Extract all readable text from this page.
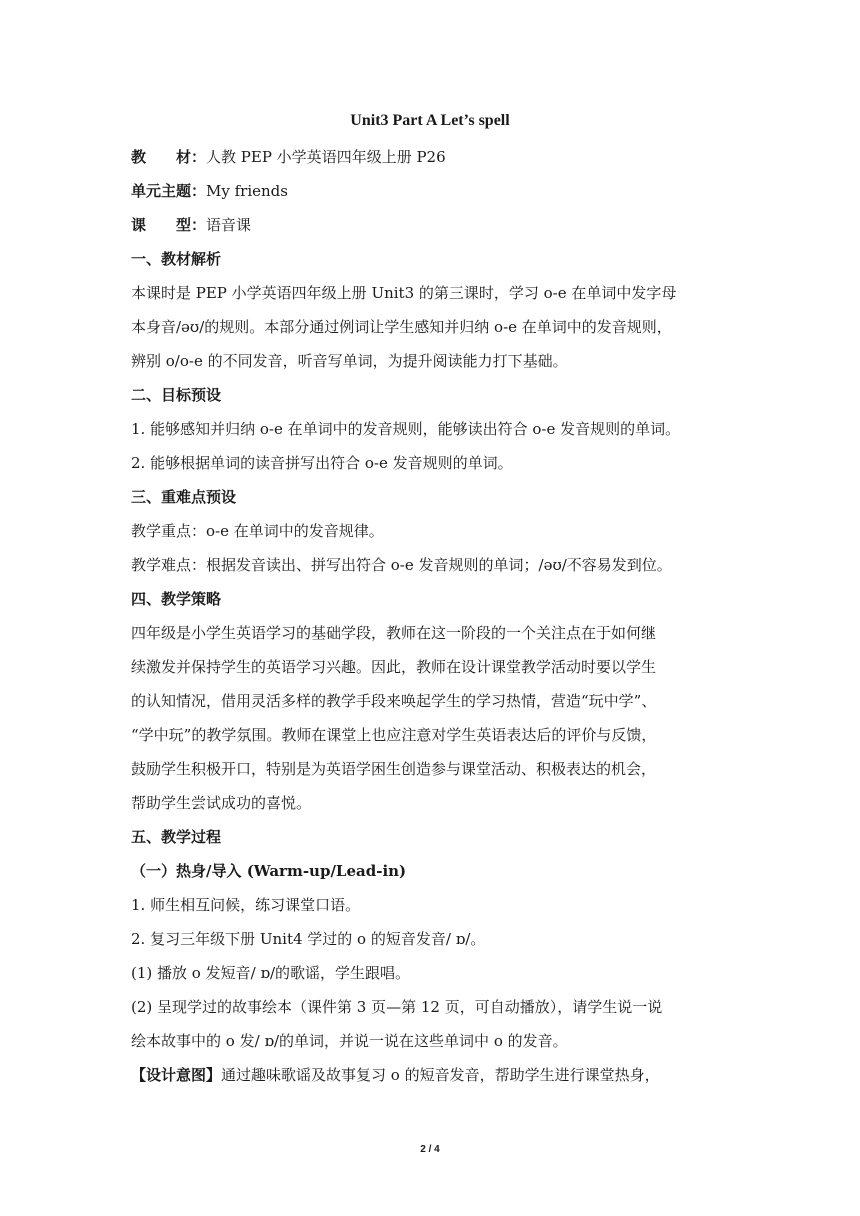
Unit3 Part A Let’s spell
教　　材：人教 PEP 小学英语四年级上册 P26
单元主题：My friends
课　　型：语音课
一、教材解析
本课时是 PEP 小学英语四年级上册 Unit3 的第三课时，学习 o-e 在单词中发字母
本身音/əʊ/的规则。本部分通过例词让学生感知并归纳 o-e 在单词中的发音规则，
辨别 o/o-e 的不同发音，听音写单词，为提升阅读能力打下基础。
二、目标预设
1. 能够感知并归纳 o-e 在单词中的发音规则，能够读出符合 o-e 发音规则的单词。
2. 能够根据单词的读音拼写出符合 o-e 发音规则的单词。
三、重难点预设
教学重点：o-e 在单词中的发音规律。
教学难点：根据发音读出、拼写出符合 o-e 发音规则的单词；/əʊ/不容易发到位。
四、教学策略
四年级是小学生英语学习的基础学段，教师在这一阶段的一个关注点在于如何继
续激发并保持学生的英语学习兴趣。因此，教师在设计课堂教学活动时要以学生
的认知情况，借用灵活多样的教学手段来唤起学生的学习热情，营造“玩中学”、
“学中玩”的教学氛围。教师在课堂上也应注意对学生英语表达后的评价与反馈，
鼓励学生积极开口，特别是为英语学困生创造参与课堂活动、积极表达的机会，
帮助学生尝试成功的喜悦。
五、教学过程
（一）热身/导入 (Warm-up/Lead-in)
1. 师生相互问候，练习课堂口语。
2. 复习三年级下册 Unit4 学过的 o 的短音发音/ ɒ/。
(1) 播放 o 发短音/ ɒ/的歌谣，学生跟唱。
(2) 呈现学过的故事绘本（课件第 3 页—第 12 页，可自动播放），请学生说一说
绘本故事中的 o 发/ ɒ/的单词，并说一说在这些单词中 o 的发音。
【设计意图】通过趣味歌谣及故事复习 o 的短音发音，帮助学生进行课堂热身，
2 / 4
